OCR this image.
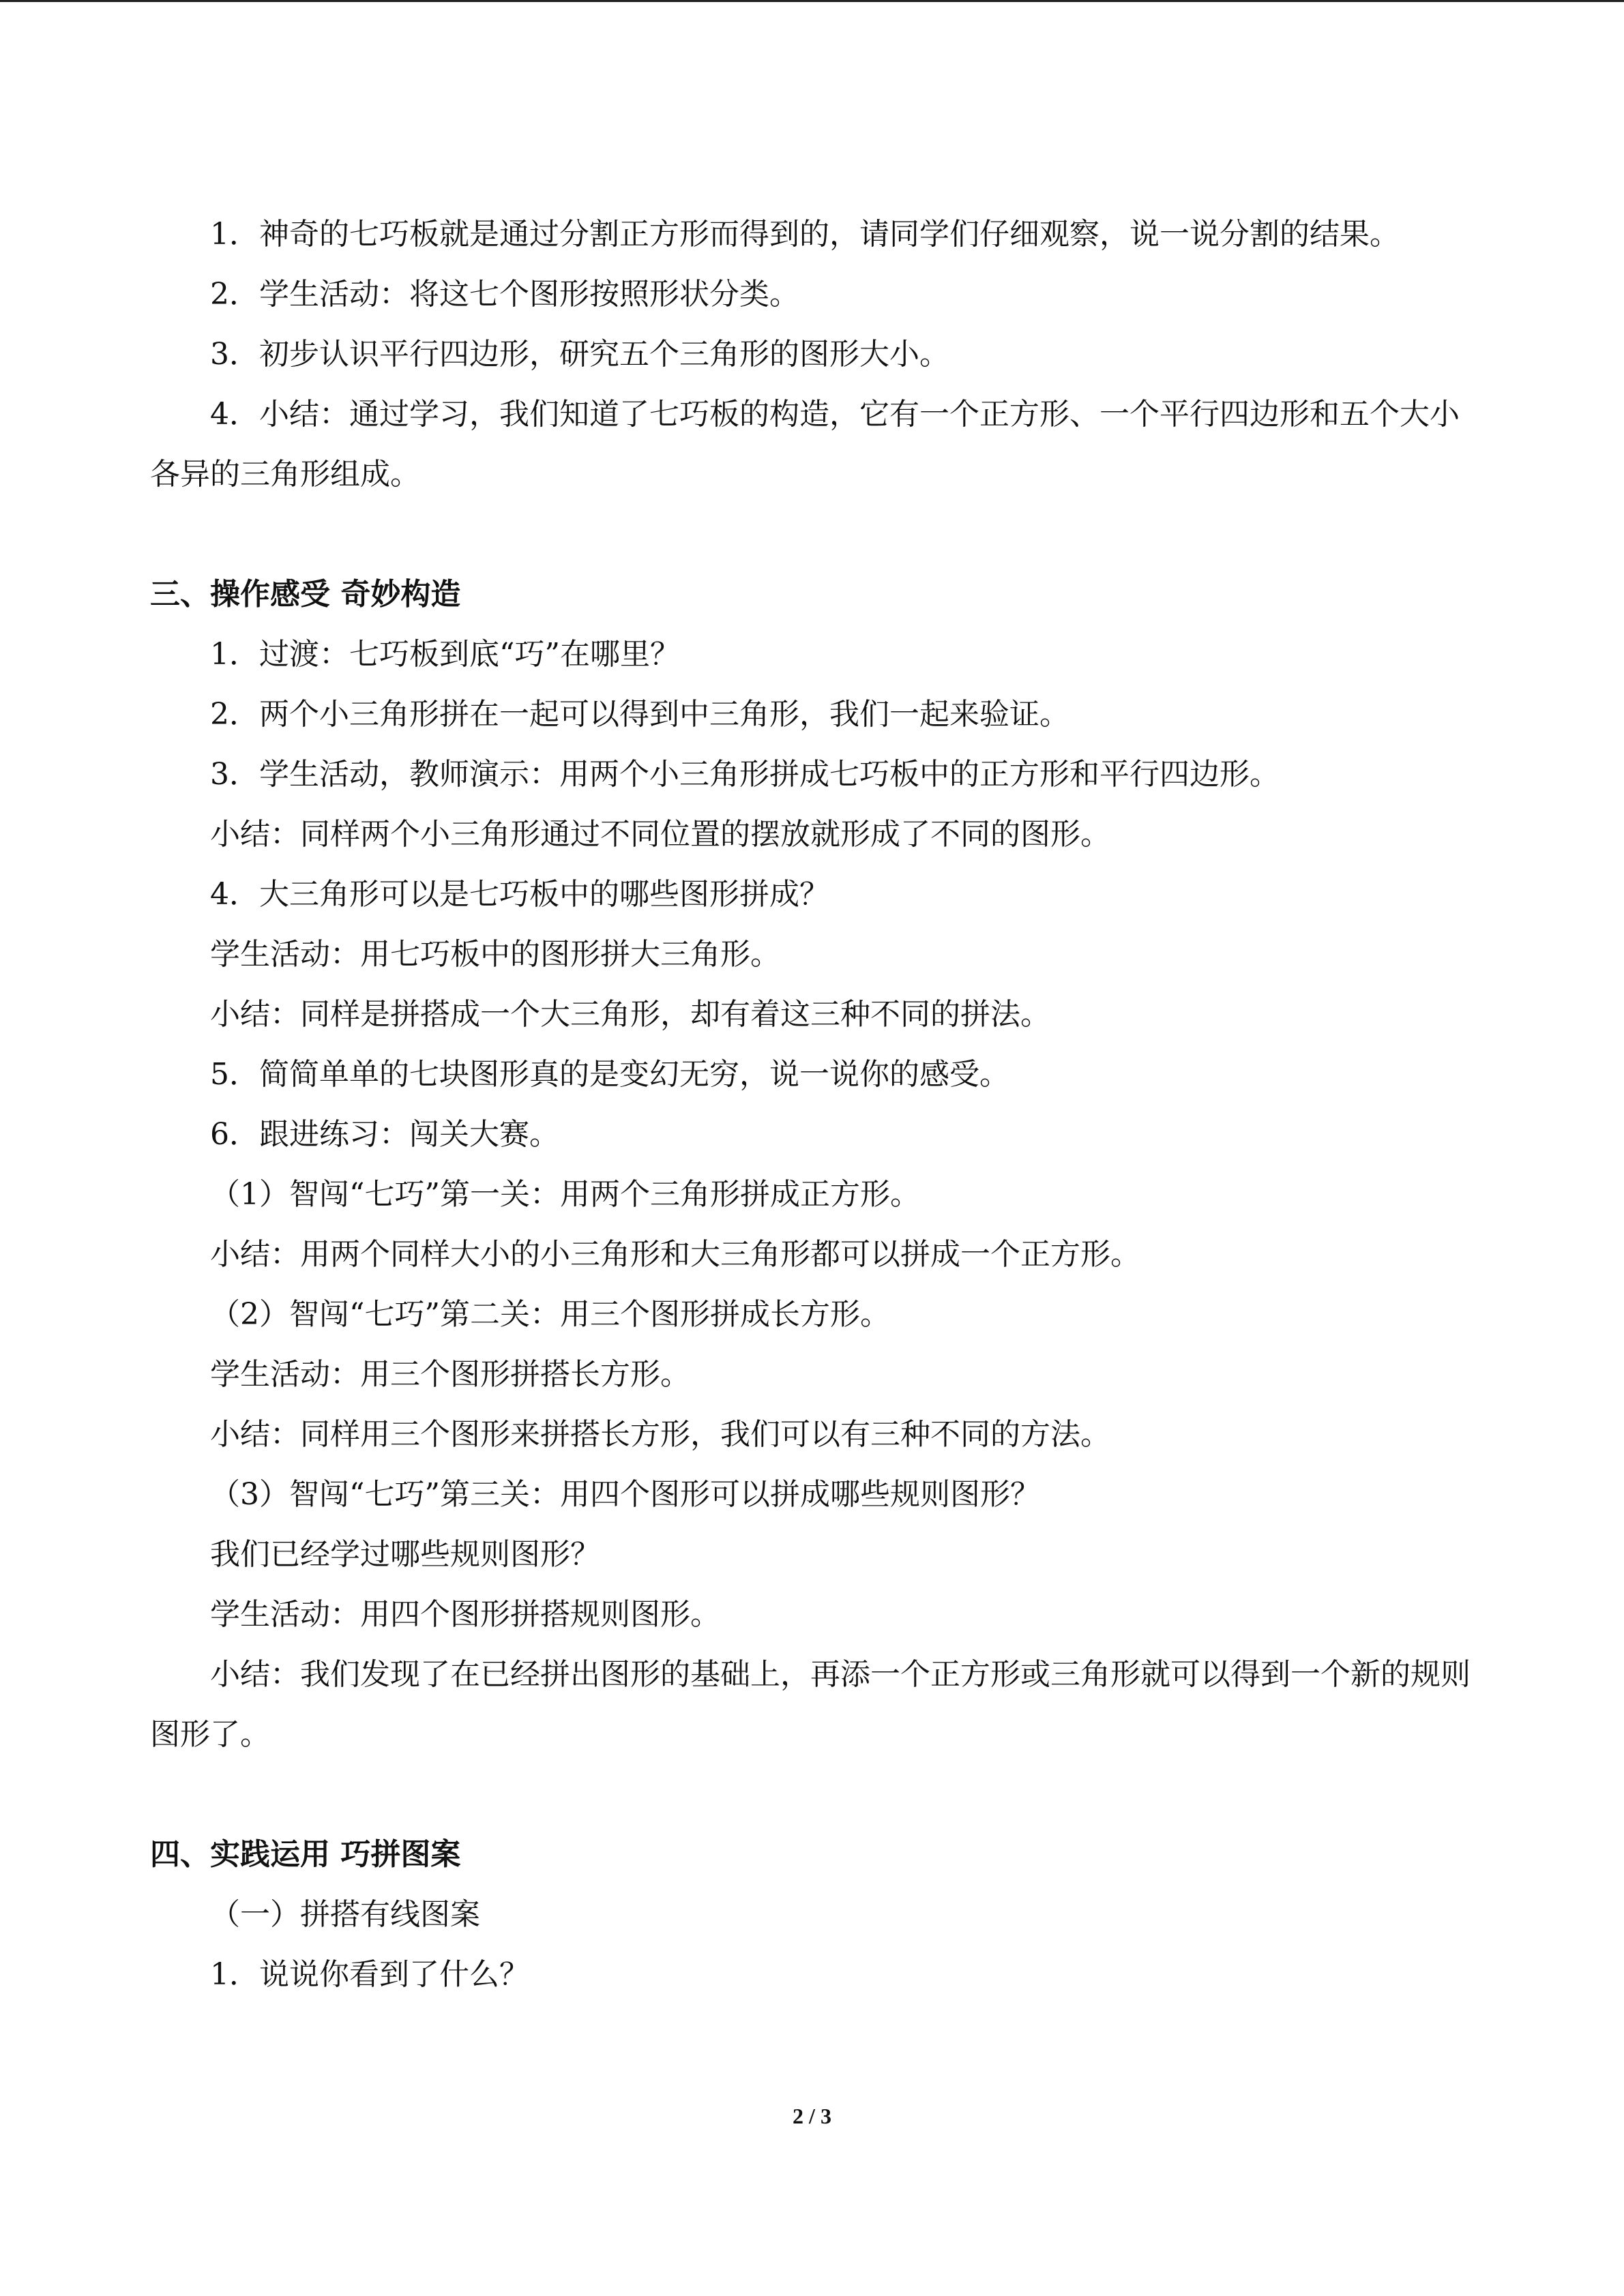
1．神奇的七巧板就是通过分割正方形而得到的，请同学们仔细观察，说一说分割的结果。

2．学生活动：将这七个图形按照形状分类。

3．初步认识平行四边形，研究五个三角形的图形大小。

4．小结：通过学习，我们知道了七巧板的构造，它有一个正方形、一个平行四边形和五个大小各异的三角形组成。

三、操作感受 奇妙构造

1．过渡：七巧板到底“巧”在哪里？

2．两个小三角形拼在一起可以得到中三角形，我们一起来验证。

3．学生活动，教师演示：用两个小三角形拼成七巧板中的正方形和平行四边形。

小结：同样两个小三角形通过不同位置的摆放就形成了不同的图形。

4．大三角形可以是七巧板中的哪些图形拼成？

学生活动：用七巧板中的图形拼大三角形。

小结：同样是拼搭成一个大三角形，却有着这三种不同的拼法。

5．简简单单的七块图形真的是变幻无穷，说一说你的感受。

6．跟进练习：闯关大赛。

（1）智闯“七巧”第一关：用两个三角形拼成正方形。

小结：用两个同样大小的小三角形和大三角形都可以拼成一个正方形。

（2）智闯“七巧”第二关：用三个图形拼成长方形。

学生活动：用三个图形拼搭长方形。

小结：同样用三个图形来拼搭长方形，我们可以有三种不同的方法。

（3）智闯“七巧”第三关：用四个图形可以拼成哪些规则图形？

我们已经学过哪些规则图形？

学生活动：用四个图形拼搭规则图形。

小结：我们发现了在已经拼出图形的基础上，再添一个正方形或三角形就可以得到一个新的规则图形了。

四、实践运用 巧拼图案

（一）拼搭有线图案

1．说说你看到了什么？

2 / 3
